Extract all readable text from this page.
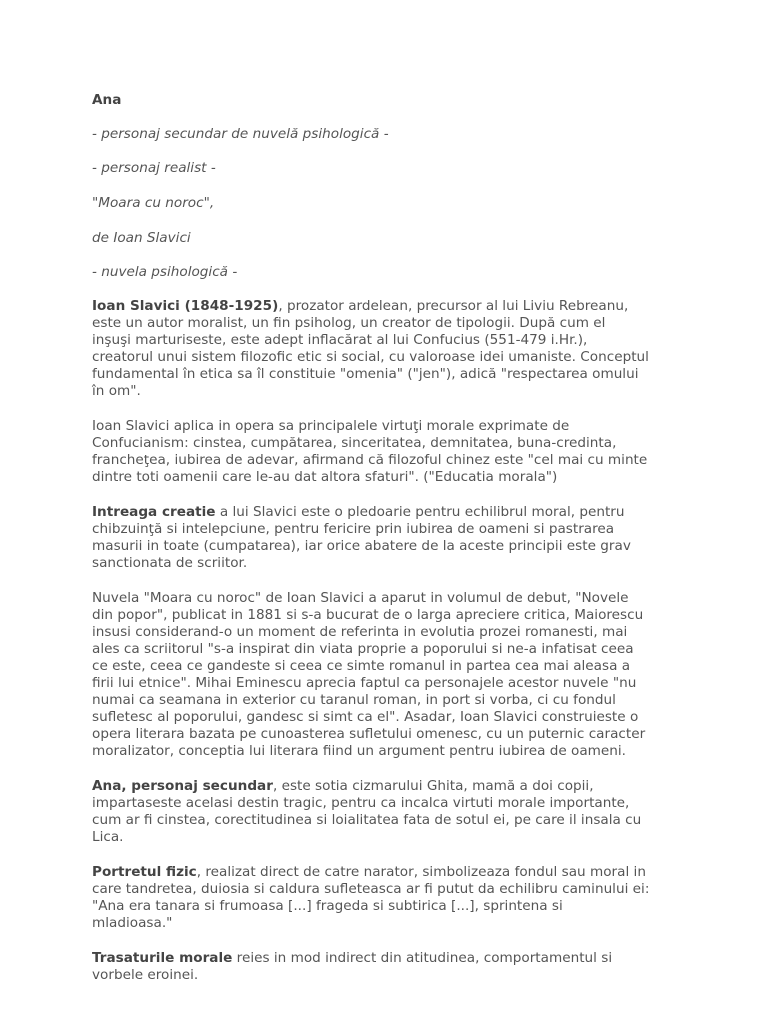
Ana
- personaj secundar de nuvelă psihologică -
- personaj realist -
"Moara cu noroc",
de Ioan Slavici
- nuvela psihologică -
Ioan Slavici (1848-1925), prozator ardelean, precursor al lui Liviu Rebreanu,
este un autor moralist, un fin psiholog, un creator de tipologii. După cum el
inşuşi marturiseste, este adept inflacărat al lui Confucius (551-479 i.Hr.),
creatorul unui sistem filozofic etic si social, cu valoroase idei umaniste. Conceptul
fundamental în etica sa îl constituie "omenia" ("jen"), adică "respectarea omului
în om".
Ioan Slavici aplica in opera sa principalele virtuţi morale exprimate de
Confucianism: cinstea, cumpătarea, sinceritatea, demnitatea, buna-credinta,
francheţea, iubirea de adevar, afirmand că filozoful chinez este "cel mai cu minte
dintre toti oamenii care le-au dat altora sfaturi". ("Educatia morala")
Intreaga creatie a lui Slavici este o pledoarie pentru echilibrul moral, pentru
chibzuinţă si intelepciune, pentru fericire prin iubirea de oameni si pastrarea
masurii in toate (cumpatarea), iar orice abatere de la aceste principii este grav
sanctionata de scriitor.
Nuvela "Moara cu noroc" de Ioan Slavici a aparut in volumul de debut, "Novele
din popor", publicat in 1881 si s-a bucurat de o larga apreciere critica, Maiorescu
insusi considerand-o un moment de referinta in evolutia prozei romanesti, mai
ales ca scriitorul "s-a inspirat din viata proprie a poporului si ne-a infatisat ceea
ce este, ceea ce gandeste si ceea ce simte romanul in partea cea mai aleasa a
firii lui etnice". Mihai Eminescu aprecia faptul ca personajele acestor nuvele "nu
numai ca seamana in exterior cu taranul roman, in port si vorba, ci cu fondul
sufletesc al poporului, gandesc si simt ca el". Asadar, Ioan Slavici construieste o
opera literara bazata pe cunoasterea sufletului omenesc, cu un puternic caracter
moralizator, conceptia lui literara fiind un argument pentru iubirea de oameni.
Ana, personaj secundar, este sotia cizmarului Ghita, mamă a doi copii,
impartaseste acelasi destin tragic, pentru ca incalca virtuti morale importante,
cum ar fi cinstea, corectitudinea si loialitatea fata de sotul ei, pe care il insala cu
Lica.
Portretul fizic, realizat direct de catre narator, simbolizeaza fondul sau moral in
care tandretea, duiosia si caldura sufleteasca ar fi putut da echilibru caminului ei:
"Ana era tanara si frumoasa [...] frageda si subtirica [...], sprintena si
mladioasa."
Trasaturile morale reies in mod indirect din atitudinea, comportamentul si
vorbele eroinei.
